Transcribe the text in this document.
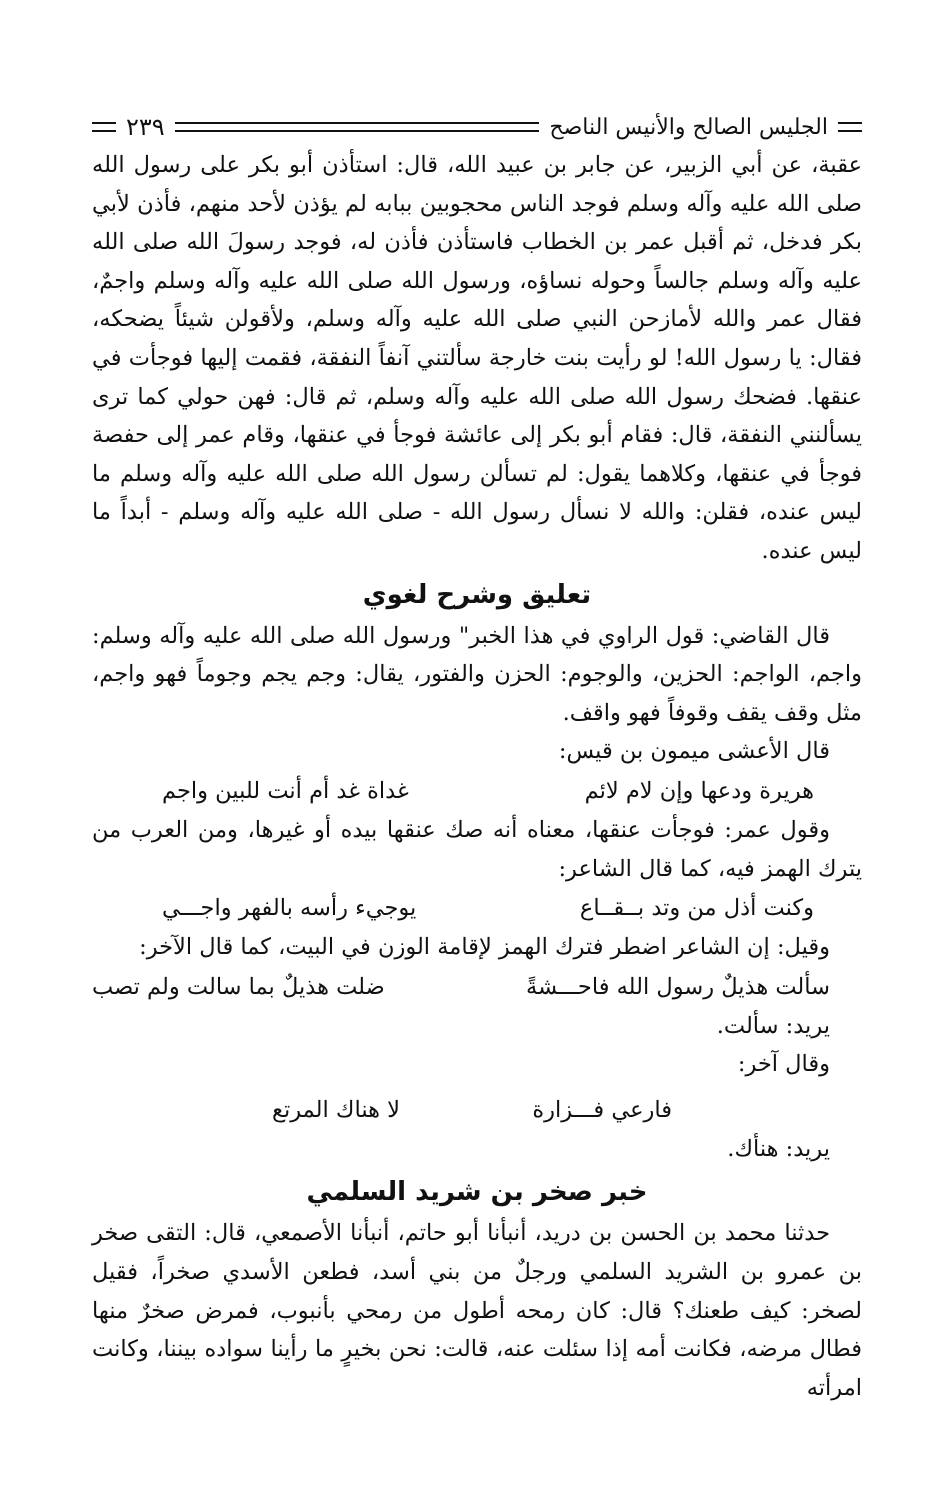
الجليس الصالح والأنيس الناصح
٢٣٩

عقبة، عن أبي الزبير، عن جابر بن عبيد الله، قال: استأذن أبو بكر على رسول الله صلى الله عليه وآله وسلم فوجد الناس محجوبين ببابه لم يؤذن لأحد منهم، فأذن لأبي بكر فدخل، ثم أقبل عمر بن الخطاب فاستأذن فأذن له، فوجد رسولَ الله صلى الله عليه وآله وسلم جالساً وحوله نساؤه، ورسول الله صلى الله عليه وآله وسلم واجمٌ، فقال عمر والله لأمازحن النبي صلى الله عليه وآله وسلم، ولأقولن شيئاً يضحكه، فقال: يا رسول الله! لو رأيت بنت خارجة سألتني آنفاً النفقة، فقمت إليها فوجأت في عنقها. فضحك رسول الله صلى الله عليه وآله وسلم، ثم قال: فهن حولي كما ترى يسألنني النفقة، قال: فقام أبو بكر إلى عائشة فوجأ في عنقها، وقام عمر إلى حفصة فوجأ في عنقها، وكلاهما يقول: لم تسألن رسول الله صلى الله عليه وآله وسلم ما ليس عنده، فقلن: والله لا نسأل رسول الله - صلى الله عليه وآله وسلم - أبداً ما ليس عنده.

تعليق وشرح لغوي

قال القاضي: قول الراوي في هذا الخبر" ورسول الله صلى الله عليه وآله وسلم: واجم، الواجم: الحزين، والوجوم: الحزن والفتور، يقال: وجم يجم وجوماً فهو واجم، مثل وقف يقف وقوفاً فهو واقف.

قال الأعشى ميمون بن قيس:

هريرة ودعها وإن لام لائم
غداة غد أم أنت للبين واجم

وقول عمر: فوجأت عنقها، معناه أنه صك عنقها بيده أو غيرها، ومن العرب من يترك الهمز فيه، كما قال الشاعر:

وكنت أذل من وتد بــقــاع
يوجيء رأسه بالفهر واجـــي

وقيل: إن الشاعر اضطر فترك الهمز لإقامة الوزن في البيت، كما قال الآخر:

سألت هذيلٌ رسول الله فاحـــشةً
ضلت هذيلٌ بما سالت ولم تصب

يريد: سألت.

وقال آخر:

فارعي فـــزارة
لا هناك المرتع

يريد: هنأك.

خبر صخر بن شريد السلمي

حدثنا محمد بن الحسن بن دريد، أنبأنا أبو حاتم، أنبأنا الأصمعي، قال: التقى صخر بن عمرو بن الشريد السلمي ورجلٌ من بني أسد، فطعن الأسدي صخراً، فقيل لصخر: كيف طعنك؟ قال: كان رمحه أطول من رمحي بأنبوب، فمرض صخرٌ منها فطال مرضه، فكانت أمه إذا سئلت عنه، قالت: نحن بخيرٍ ما رأينا سواده بيننا، وكانت امرأته
